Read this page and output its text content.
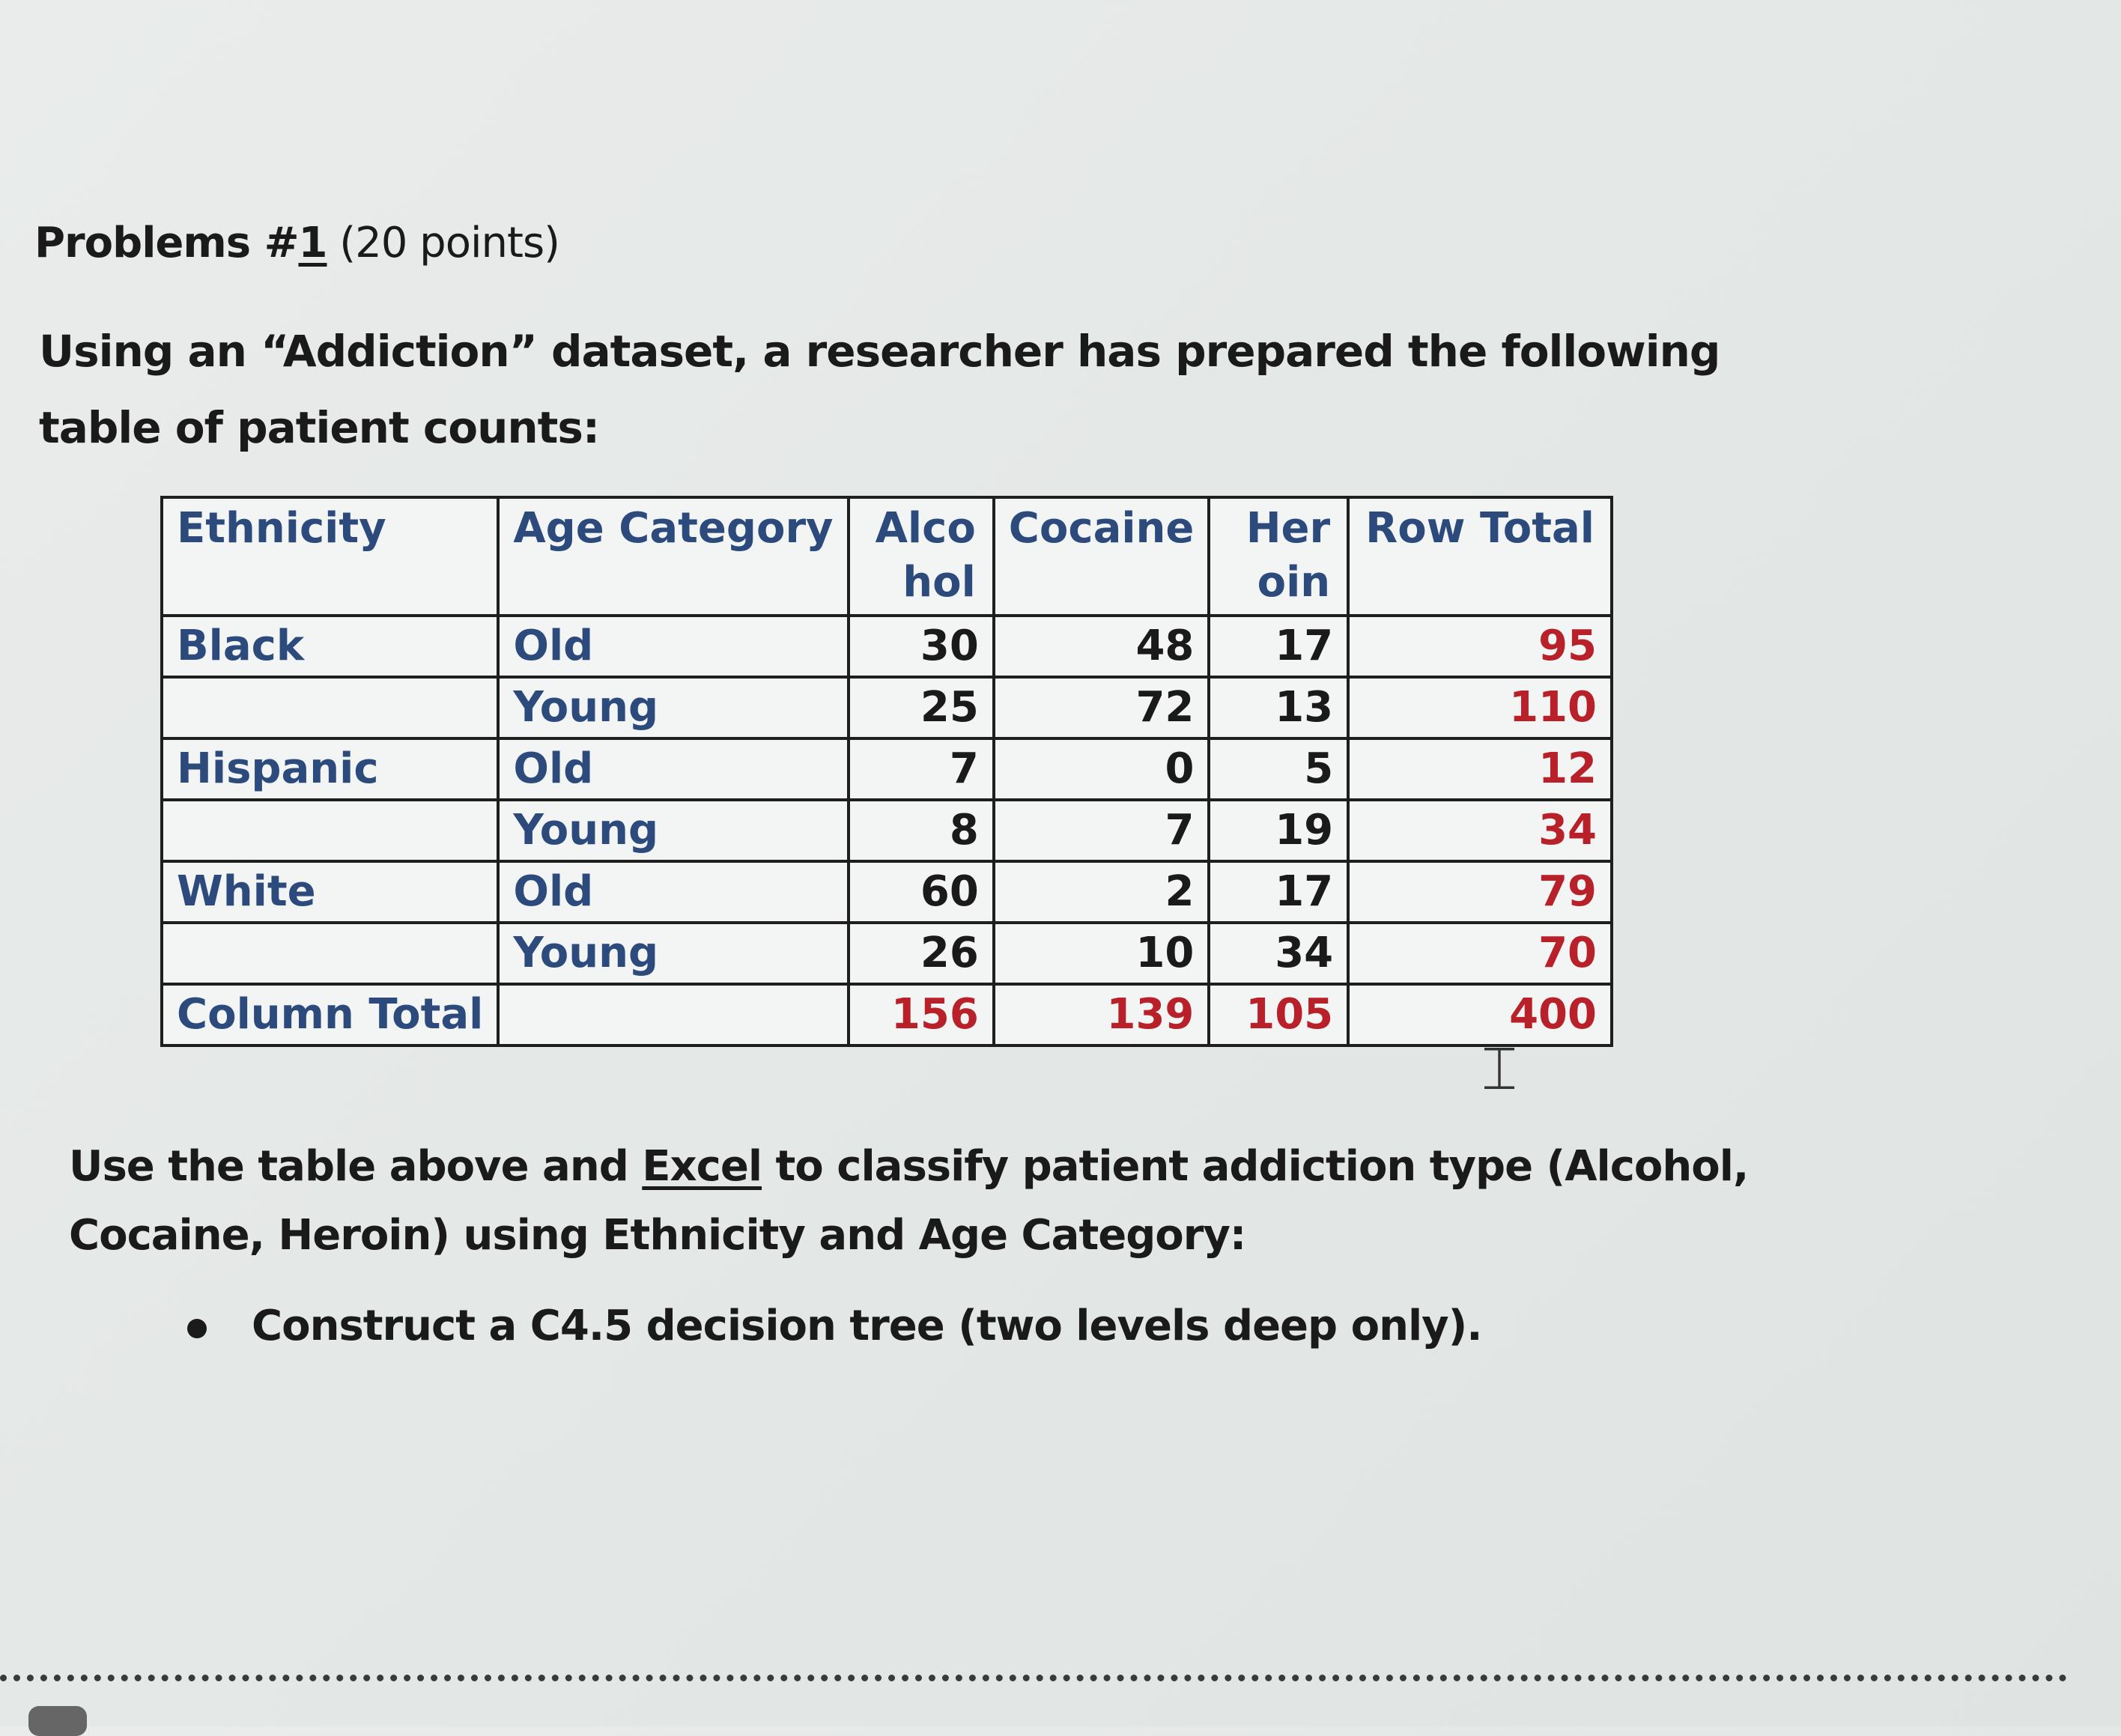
Problems #1 (20 points)
Using an “Addiction” dataset, a researcher has prepared the following table of patient counts:
Ethnicity	Age Category	Alcohol	Cocaine	Heroin	Row Total
Black	Old	30	48	17	95
	Young	25	72	13	110
Hispanic	Old	7	0	5	12
	Young	8	7	19	34
White	Old	60	2	17	79
	Young	26	10	34	70
Column Total		156	139	105	400
⌶
Use the table above and Excel to classify patient addiction type (Alcohol, Cocaine, Heroin) using Ethnicity and Age Category:
Construct a C4.5 decision tree (two levels deep only).
